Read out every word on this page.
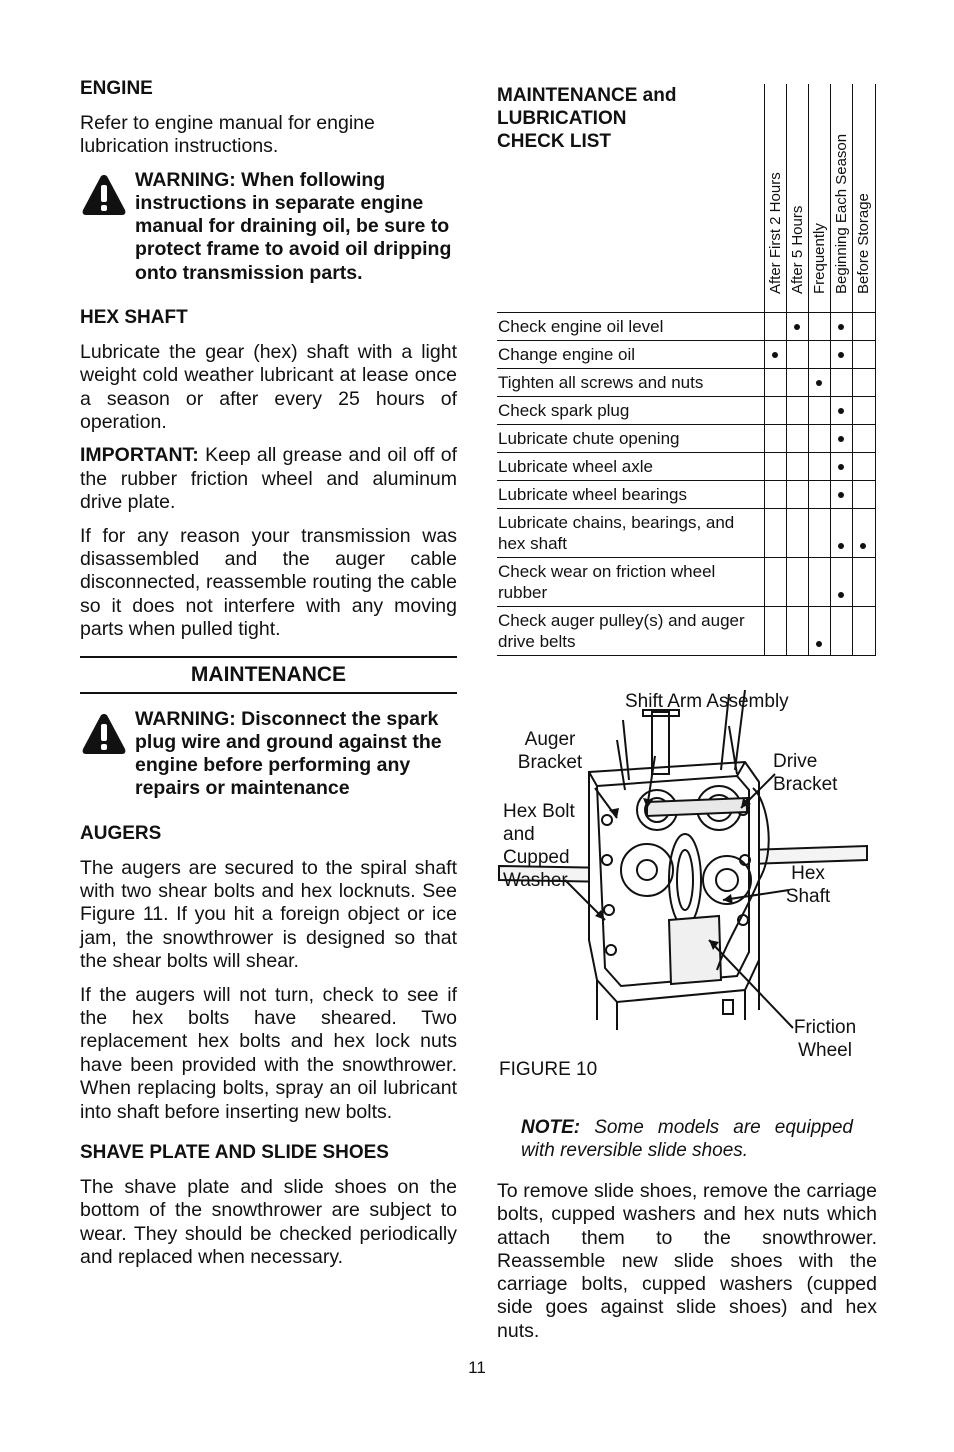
ENGINE

Refer to engine manual for engine lubrication instructions.

WARNING: When following instructions in separate engine manual for draining oil, be sure to protect frame to avoid oil dripping onto transmission parts.
HEX SHAFT

Lubricate the gear (hex) shaft with a light weight cold weather lubricant at lease once a season or after every 25 hours of operation.

IMPORTANT: Keep all grease and oil off of the rubber friction wheel and aluminum drive plate.

If for any reason your transmission was disassembled and the auger cable disconnected, reassemble routing the cable so it does not interfere with any moving parts when pulled tight.

MAINTENANCE
WARNING: Disconnect the spark plug wire and ground against the engine before performing any repairs or maintenance
AUGERS

The augers are secured to the spiral shaft with two shear bolts and hex locknuts. See Figure 11. If you hit a foreign object or ice jam, the snowthrower is designed so that the shear bolts will shear.

If the augers will not turn, check to see if the hex bolts have sheared. Two replacement hex bolts and hex lock nuts have been provided with the snowthrower. When replacing bolts, spray an oil lubricant into shaft before inserting new bolts.

SHAVE PLATE AND SLIDE SHOES

The shave plate and slide shoes on the bottom of the snowthrower are subject to wear. They should be checked periodically and replaced when necessary.

MAINTENANCE and
LUBRICATION
CHECK LIST
After First 2 Hours After 5 Hours Frequently Beginning Each Season Before Storage
Check engine oil level
Change engine oil
Tighten all screws and nuts
Check spark plug
Lubricate chute opening
Lubricate wheel axle
Lubricate wheel bearings
Lubricate chains, bearings, and hex shaft
Check wear on friction wheel rubber
Check auger pulley(s) and auger drive belts
Shift Arm Assembly
Auger Bracket	Drive Bracket
Hex Bolt and Cupped Washer	Hex Shaft
Friction Wheel
FIGURE 10
NOTE: Some models are equipped with reversible slide shoes.

To remove slide shoes, remove the carriage bolts, cupped washers and hex nuts which attach them to the snowthrower. Reassemble new slide shoes with the carriage bolts, cupped washers (cupped side goes against slide shoes) and hex nuts.

11
